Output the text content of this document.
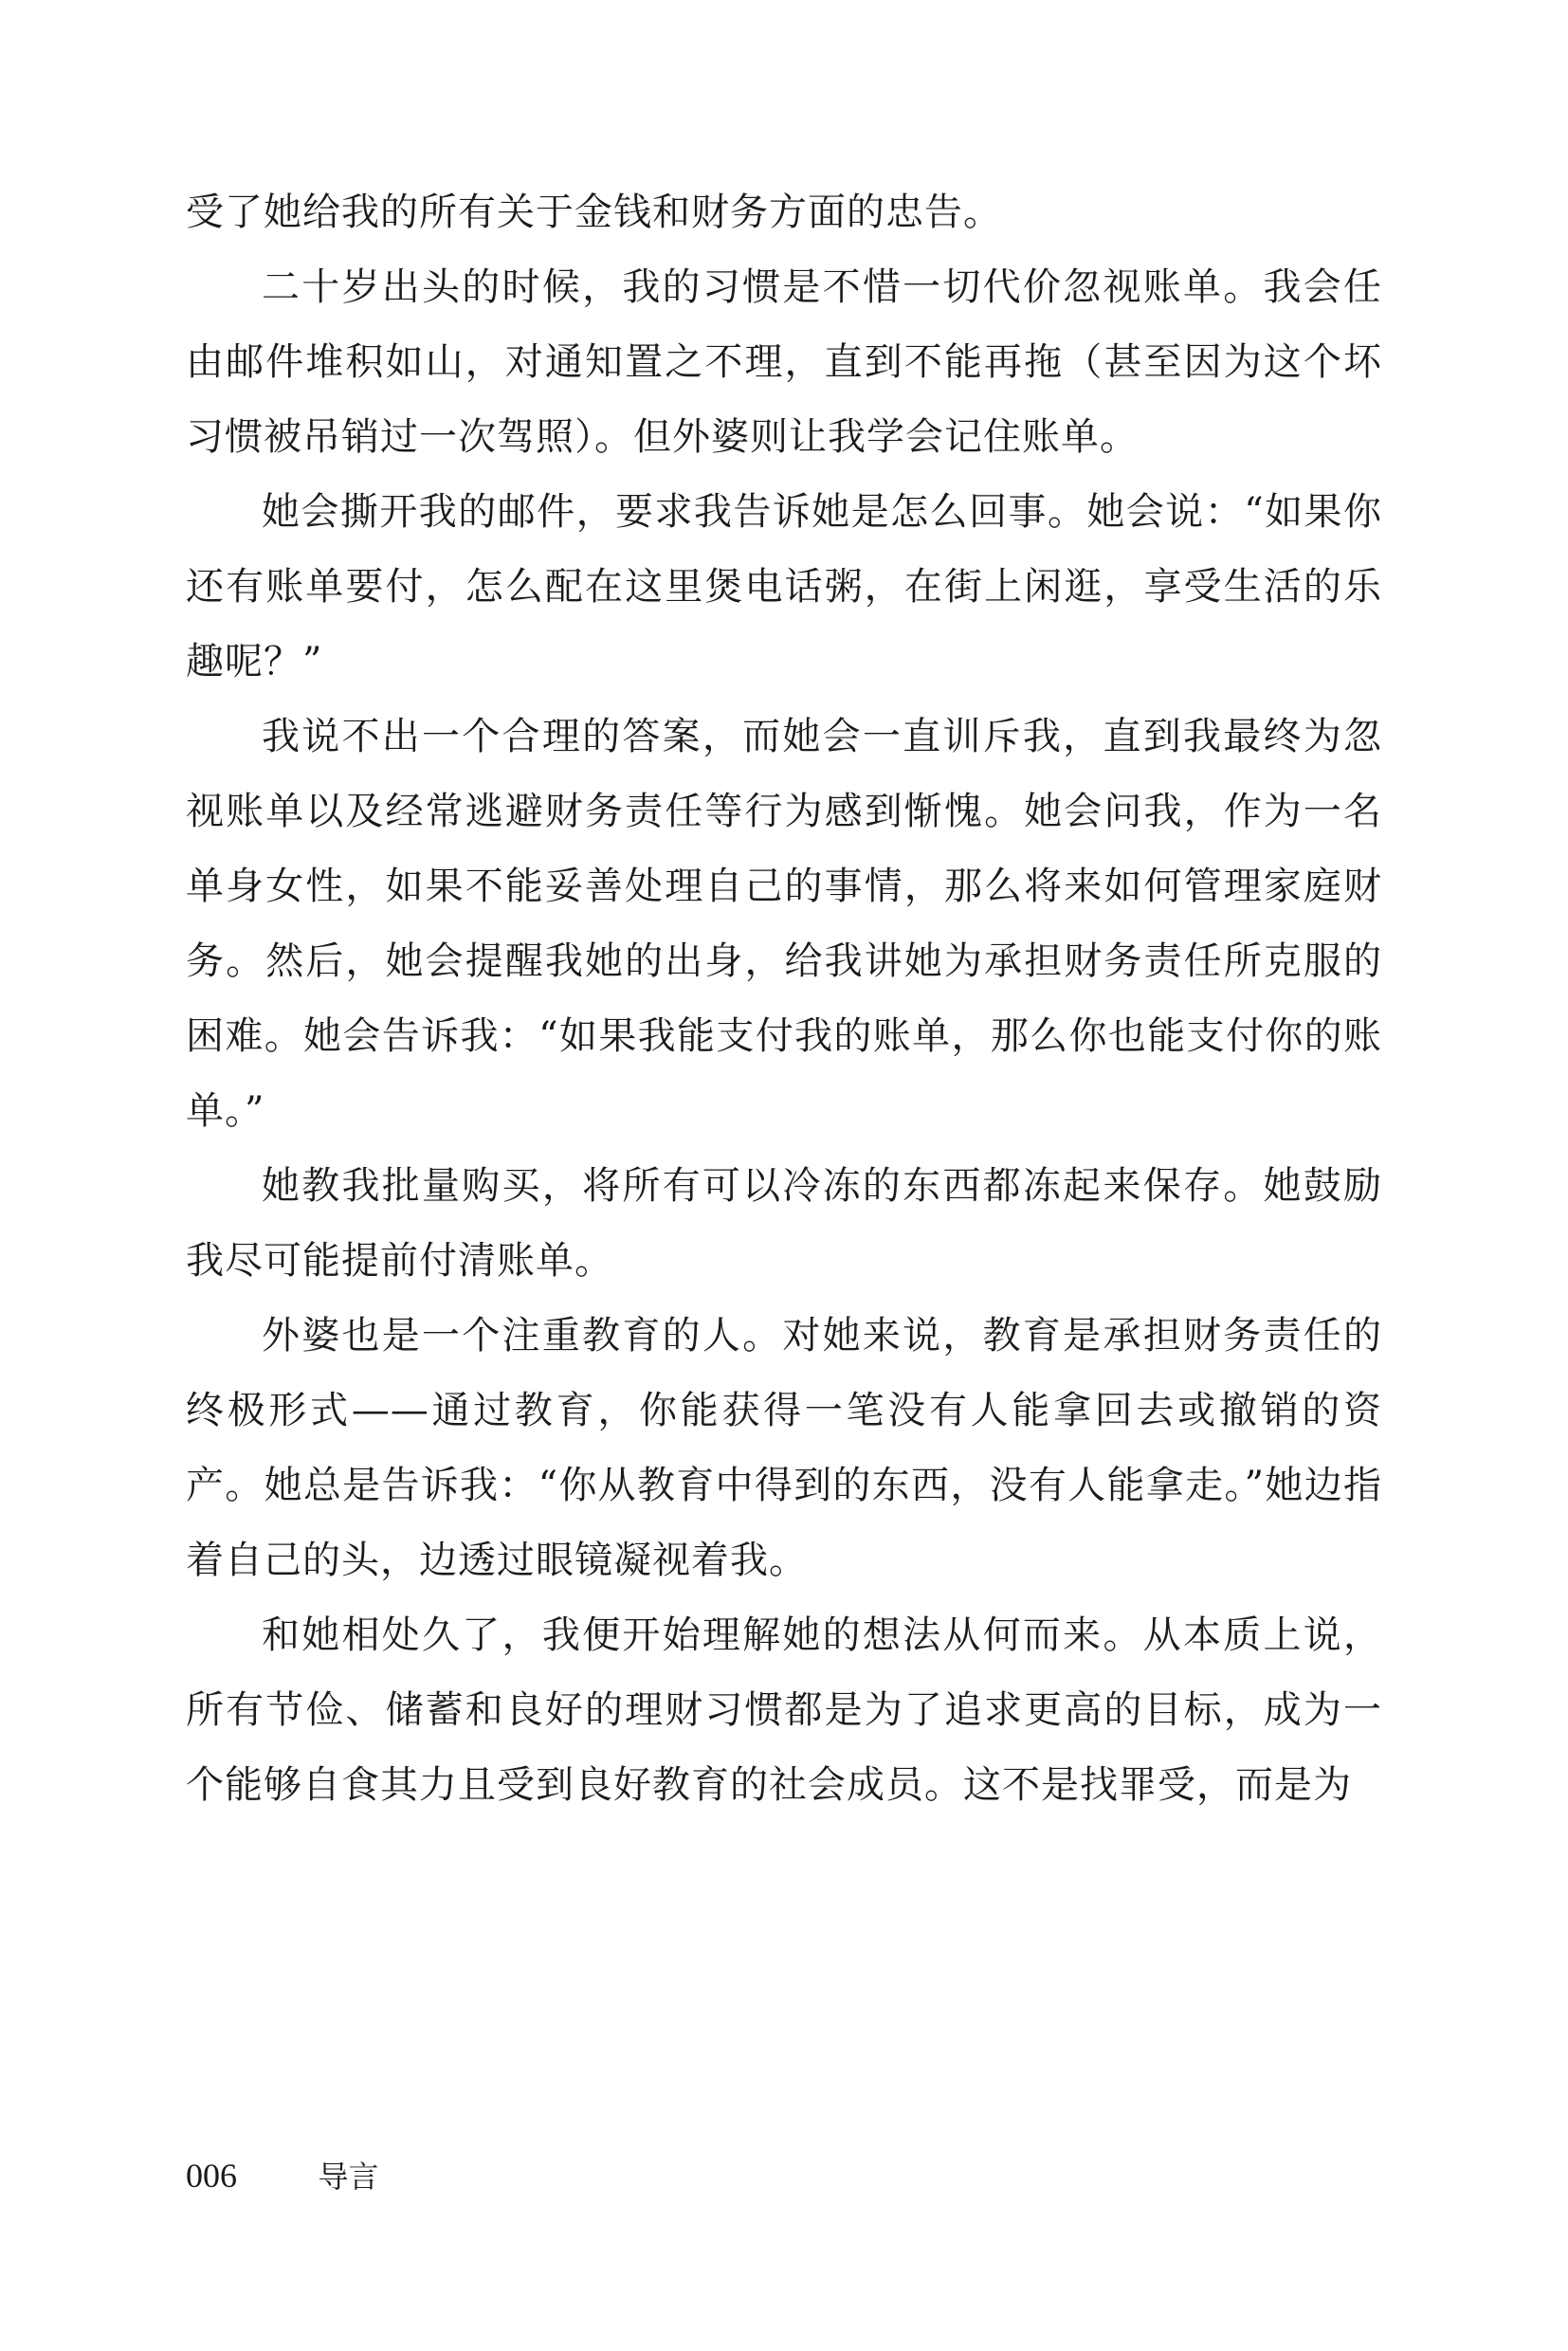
受了她给我的所有关于金钱和财务方面的忠告。

二十岁出头的时候，我的习惯是不惜一切代价忽视账单。我会任由邮件堆积如山，对通知置之不理，直到不能再拖（甚至因为这个坏习惯被吊销过一次驾照）。但外婆则让我学会记住账单。

她会撕开我的邮件，要求我告诉她是怎么回事。她会说：“如果你还有账单要付，怎么配在这里煲电话粥，在街上闲逛，享受生活的乐趣呢？”

我说不出一个合理的答案，而她会一直训斥我，直到我最终为忽视账单以及经常逃避财务责任等行为感到惭愧。她会问我，作为一名单身女性，如果不能妥善处理自己的事情，那么将来如何管理家庭财务。然后，她会提醒我她的出身，给我讲她为承担财务责任所克服的困难。她会告诉我：“如果我能支付我的账单，那么你也能支付你的账单。”

她教我批量购买，将所有可以冷冻的东西都冻起来保存。她鼓励我尽可能提前付清账单。

外婆也是一个注重教育的人。对她来说，教育是承担财务责任的终极形式——通过教育，你能获得一笔没有人能拿回去或撤销的资产。她总是告诉我：“你从教育中得到的东西，没有人能拿走。”她边指着自己的头，边透过眼镜凝视着我。

和她相处久了，我便开始理解她的想法从何而来。从本质上说，所有节俭、储蓄和良好的理财习惯都是为了追求更高的目标，成为一个能够自食其力且受到良好教育的社会成员。这不是找罪受，而是为

006	导言
